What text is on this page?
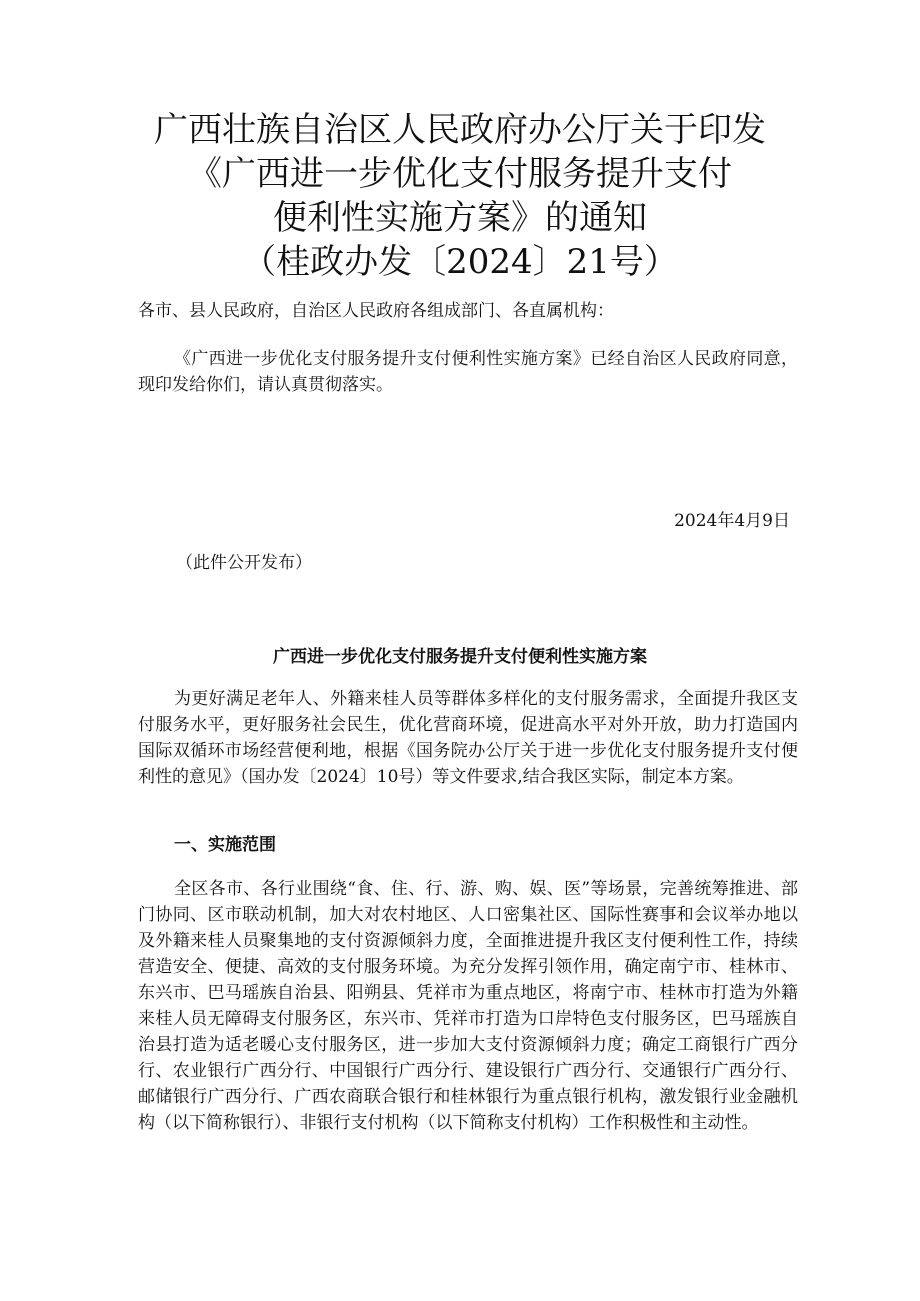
广西壮族自治区人民政府办公厅关于印发
《广西进一步优化支付服务提升支付
便利性实施方案》的通知
（桂政办发〔2024〕21号）

各市、县人民政府，自治区人民政府各组成部门、各直属机构：

《广西进一步优化支付服务提升支付便利性实施方案》已经自治区人民政府同意，现印发给你们，请认真贯彻落实。

2024年4月9日

（此件公开发布）

广西进一步优化支付服务提升支付便利性实施方案

为更好满足老年人、外籍来桂人员等群体多样化的支付服务需求，全面提升我区支付服务水平，更好服务社会民生，优化营商环境，促进高水平对外开放，助力打造国内国际双循环市场经营便利地，根据《国务院办公厅关于进一步优化支付服务提升支付便利性的意见》（国办发〔2024〕10号）等文件要求,结合我区实际，制定本方案。

一、实施范围

全区各市、各行业围绕“食、住、行、游、购、娱、医”等场景，完善统筹推进、部门协同、区市联动机制，加大对农村地区、人口密集社区、国际性赛事和会议举办地以及外籍来桂人员聚集地的支付资源倾斜力度，全面推进提升我区支付便利性工作，持续营造安全、便捷、高效的支付服务环境。为充分发挥引领作用，确定南宁市、桂林市、东兴市、巴马瑶族自治县、阳朔县、凭祥市为重点地区，将南宁市、桂林市打造为外籍来桂人员无障碍支付服务区，东兴市、凭祥市打造为口岸特色支付服务区，巴马瑶族自治县打造为适老暖心支付服务区，进一步加大支付资源倾斜力度；确定工商银行广西分行、农业银行广西分行、中国银行广西分行、建设银行广西分行、交通银行广西分行、邮储银行广西分行、广西农商联合银行和桂林银行为重点银行机构，激发银行业金融机构（以下简称银行）、非银行支付机构（以下简称支付机构）工作积极性和主动性。
